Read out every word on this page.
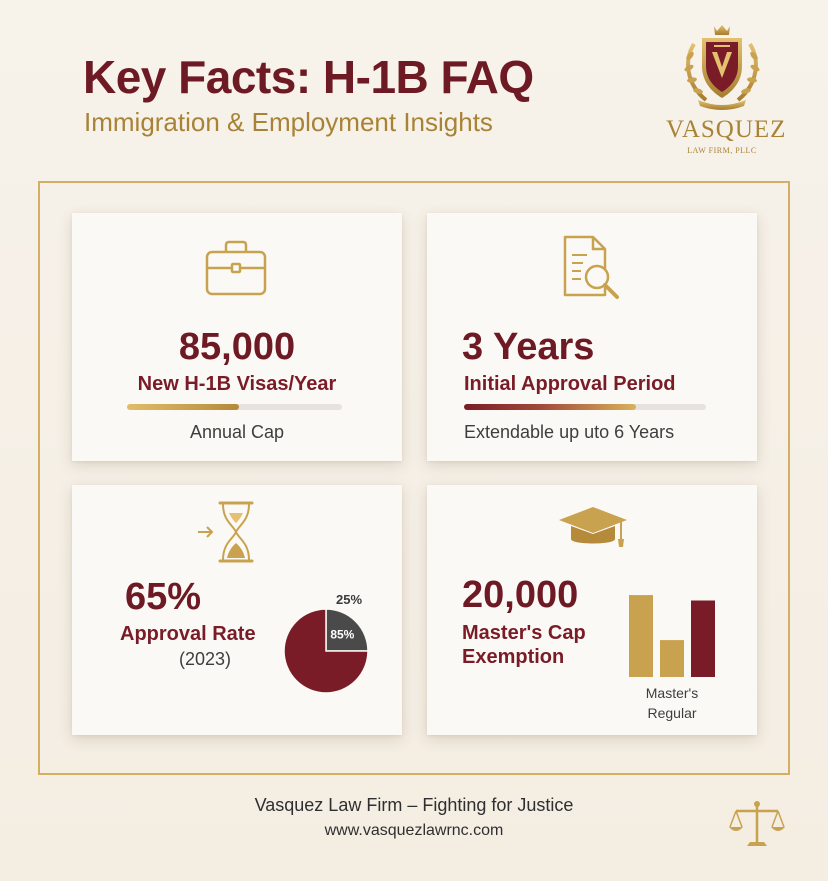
Key Facts: H-1B FAQ
Immigration & Employment Insights	VASQUEZ
LAW FIRM, PLLC
85,000
New H-1B Visas/Year
Annual Cap
3 Years
Initial Approval Period
Extendable up uto 6 Years
65%
Approval Rate
(2023)
85%
25%	20,000
Master's Cap
Exemption
Master's
Regular
Vasquez Law Firm – Fighting for Justice
www.vasquezlawrnc.com
